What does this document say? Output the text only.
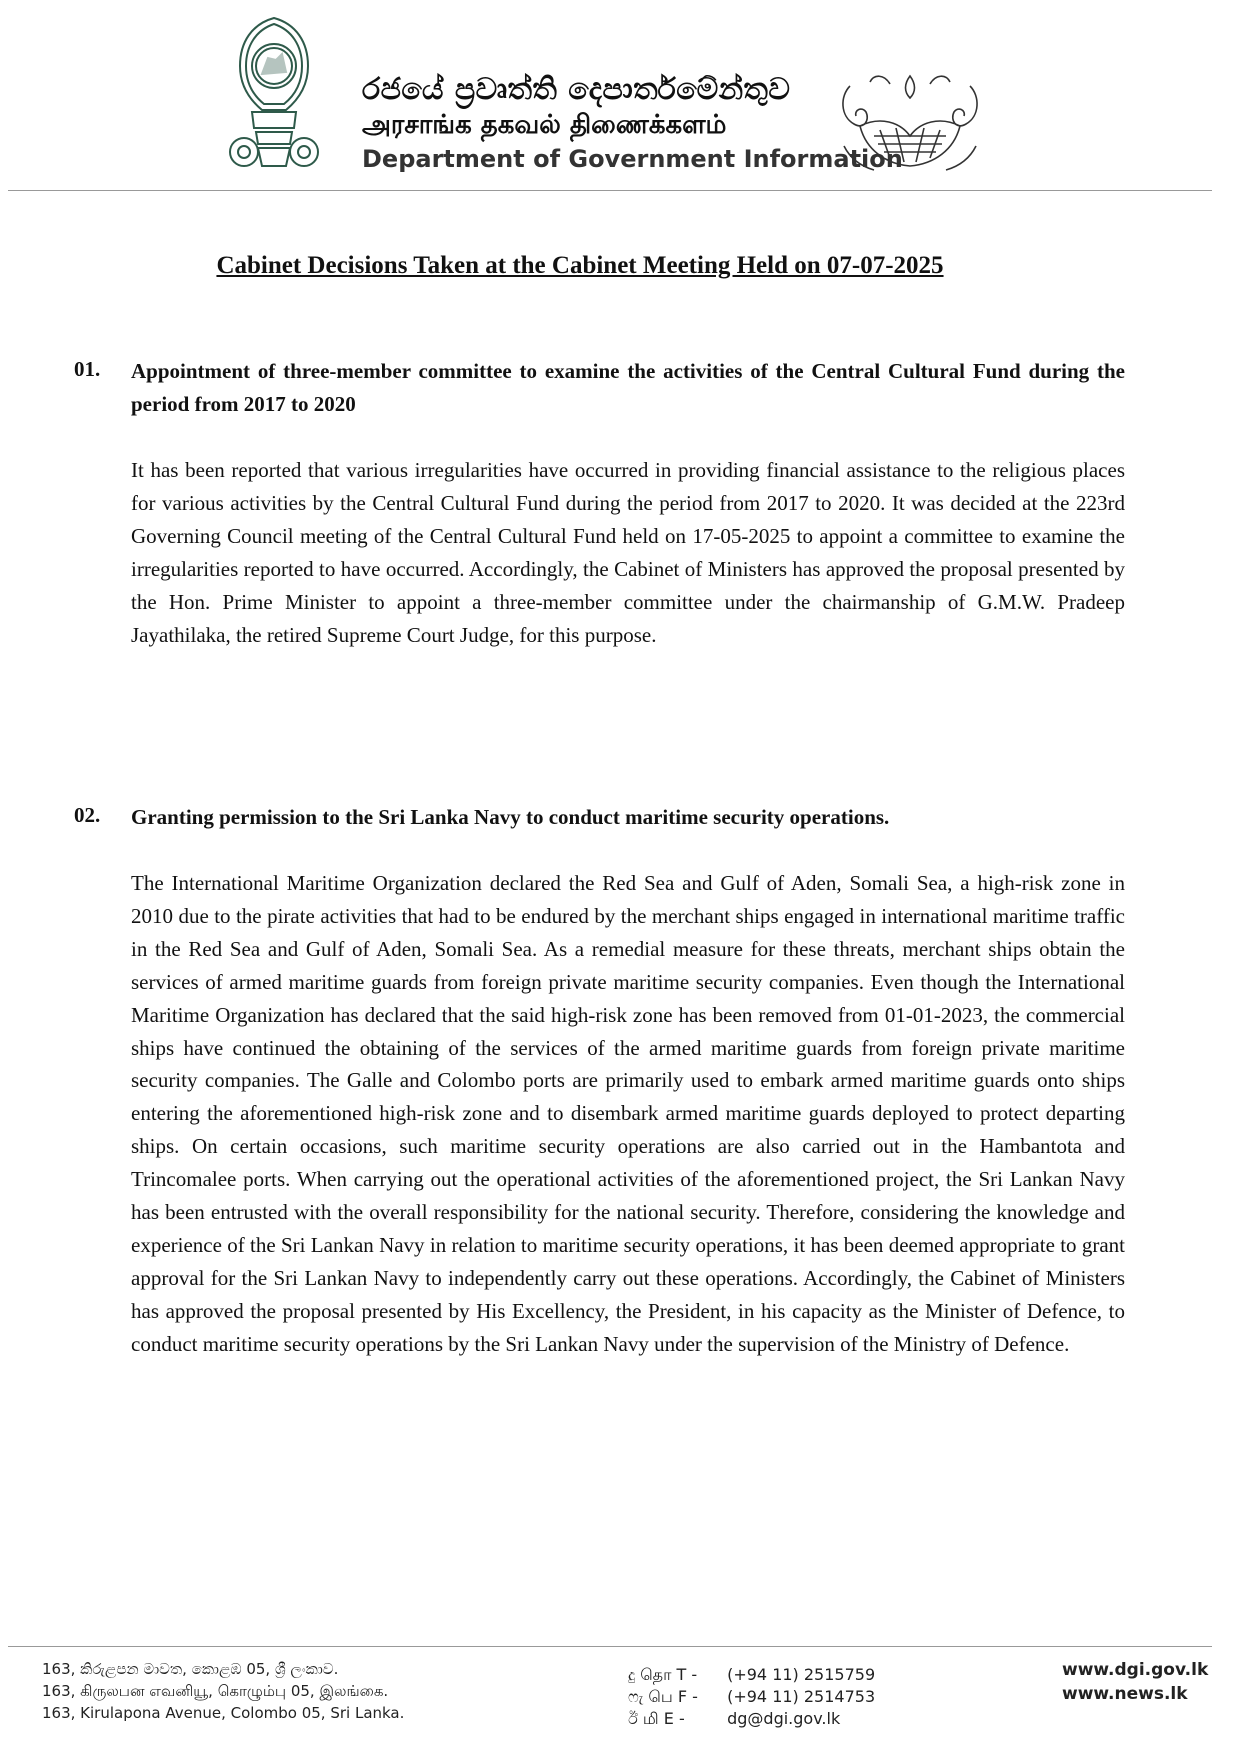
රජයේ ප්‍රවෘත්ති දෙපාර්තමේන්තුව
அரசாங்க தகவல் திணைக்களம்
Department of Government Information
Cabinet Decisions Taken at the Cabinet Meeting Held on 07-07-2025
01. Appointment of three-member committee to examine the activities of the Central Cultural Fund during the period from 2017 to 2020
It has been reported that various irregularities have occurred in providing financial assistance to the religious places for various activities by the Central Cultural Fund during the period from 2017 to 2020. It was decided at the 223rd Governing Council meeting of the Central Cultural Fund held on 17-05-2025 to appoint a committee to examine the irregularities reported to have occurred. Accordingly, the Cabinet of Ministers has approved the proposal presented by the Hon. Prime Minister to appoint a three-member committee under the chairmanship of G.M.W. Pradeep Jayathilaka, the retired Supreme Court Judge, for this purpose.
02. Granting permission to the Sri Lanka Navy to conduct maritime security operations.
The International Maritime Organization declared the Red Sea and Gulf of Aden, Somali Sea, a high-risk zone in 2010 due to the pirate activities that had to be endured by the merchant ships engaged in international maritime traffic in the Red Sea and Gulf of Aden, Somali Sea. As a remedial measure for these threats, merchant ships obtain the services of armed maritime guards from foreign private maritime security companies. Even though the International Maritime Organization has declared that the said high-risk zone has been removed from 01-01-2023, the commercial ships have continued the obtaining of the services of the armed maritime guards from foreign private maritime security companies. The Galle and Colombo ports are primarily used to embark armed maritime guards onto ships entering the aforementioned high-risk zone and to disembark armed maritime guards deployed to protect departing ships. On certain occasions, such maritime security operations are also carried out in the Hambantota and Trincomalee ports. When carrying out the operational activities of the aforementioned project, the Sri Lankan Navy has been entrusted with the overall responsibility for the national security. Therefore, considering the knowledge and experience of the Sri Lankan Navy in relation to maritime security operations, it has been deemed appropriate to grant approval for the Sri Lankan Navy to independently carry out these operations. Accordingly, the Cabinet of Ministers has approved the proposal presented by His Excellency, the President, in his capacity as the Minister of Defence, to conduct maritime security operations by the Sri Lankan Navy under the supervision of the Ministry of Defence.
163, කිරුළපන මාවත, කොළඹ 05, ශ්‍රී ලංකාව.
163, கிருலபன எவனியூ, கொழும்பு 05, இலங்கை.
163, Kirulapona Avenue, Colombo 05, Sri Lanka.
දු தொ T - (+94 11) 2515759
ෆැ பெ F - (+94 11) 2514753
ඊ மி E -	dg@dgi.gov.lk
www.dgi.gov.lk
www.news.lk
